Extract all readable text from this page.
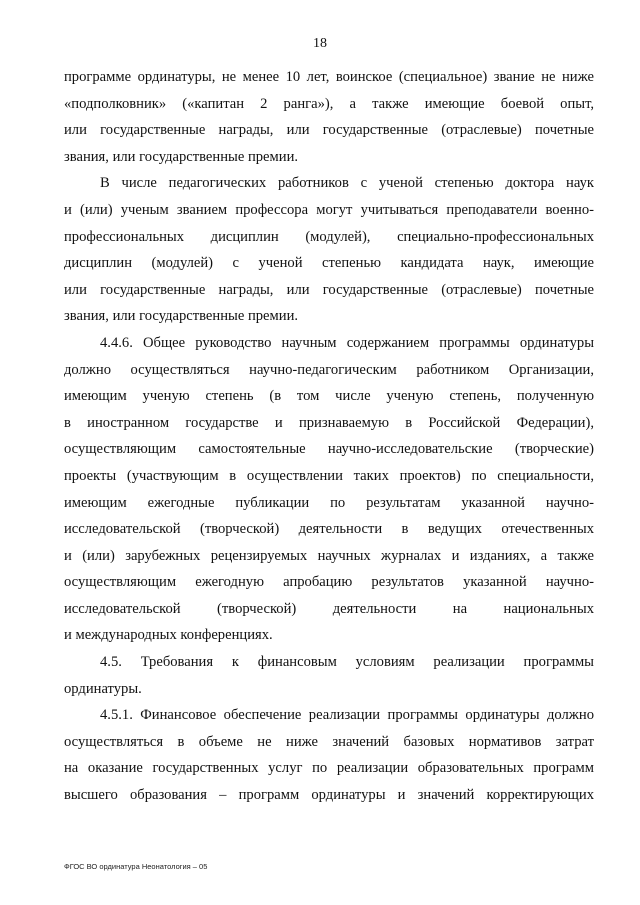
18
программе ординатуры, не менее 10 лет, воинское (специальное) звание не ниже
«подполковник» («капитан 2 ранга»), а также имеющие боевой опыт,
или государственные награды, или государственные (отраслевые) почетные
звания, или государственные премии.
В числе педагогических работников с ученой степенью доктора наук
и (или) ученым званием профессора могут учитываться преподаватели военно-
профессиональных дисциплин (модулей), специально-профессиональных
дисциплин (модулей) с ученой степенью кандидата наук, имеющие
или государственные награды, или государственные (отраслевые) почетные
звания, или государственные премии.
4.4.6. Общее руководство научным содержанием программы ординатуры
должно осуществляться научно-педагогическим работником Организации,
имеющим ученую степень (в том числе ученую степень, полученную
в иностранном государстве и признаваемую в Российской Федерации),
осуществляющим самостоятельные научно-исследовательские (творческие)
проекты (участвующим в осуществлении таких проектов) по специальности,
имеющим ежегодные публикации по результатам указанной научно-
исследовательской (творческой) деятельности в ведущих отечественных
и (или) зарубежных рецензируемых научных журналах и изданиях, а также
осуществляющим ежегодную апробацию результатов указанной научно-
исследовательской (творческой) деятельности на национальных
и международных конференциях.
4.5. Требования к финансовым условиям реализации программы
ординатуры.
4.5.1. Финансовое обеспечение реализации программы ординатуры должно
осуществляться в объеме не ниже значений базовых нормативов затрат
на оказание государственных услуг по реализации образовательных программ
высшего образования – программ ординатуры и значений корректирующих
ФГОС ВО ординатура Неонатология – 05
